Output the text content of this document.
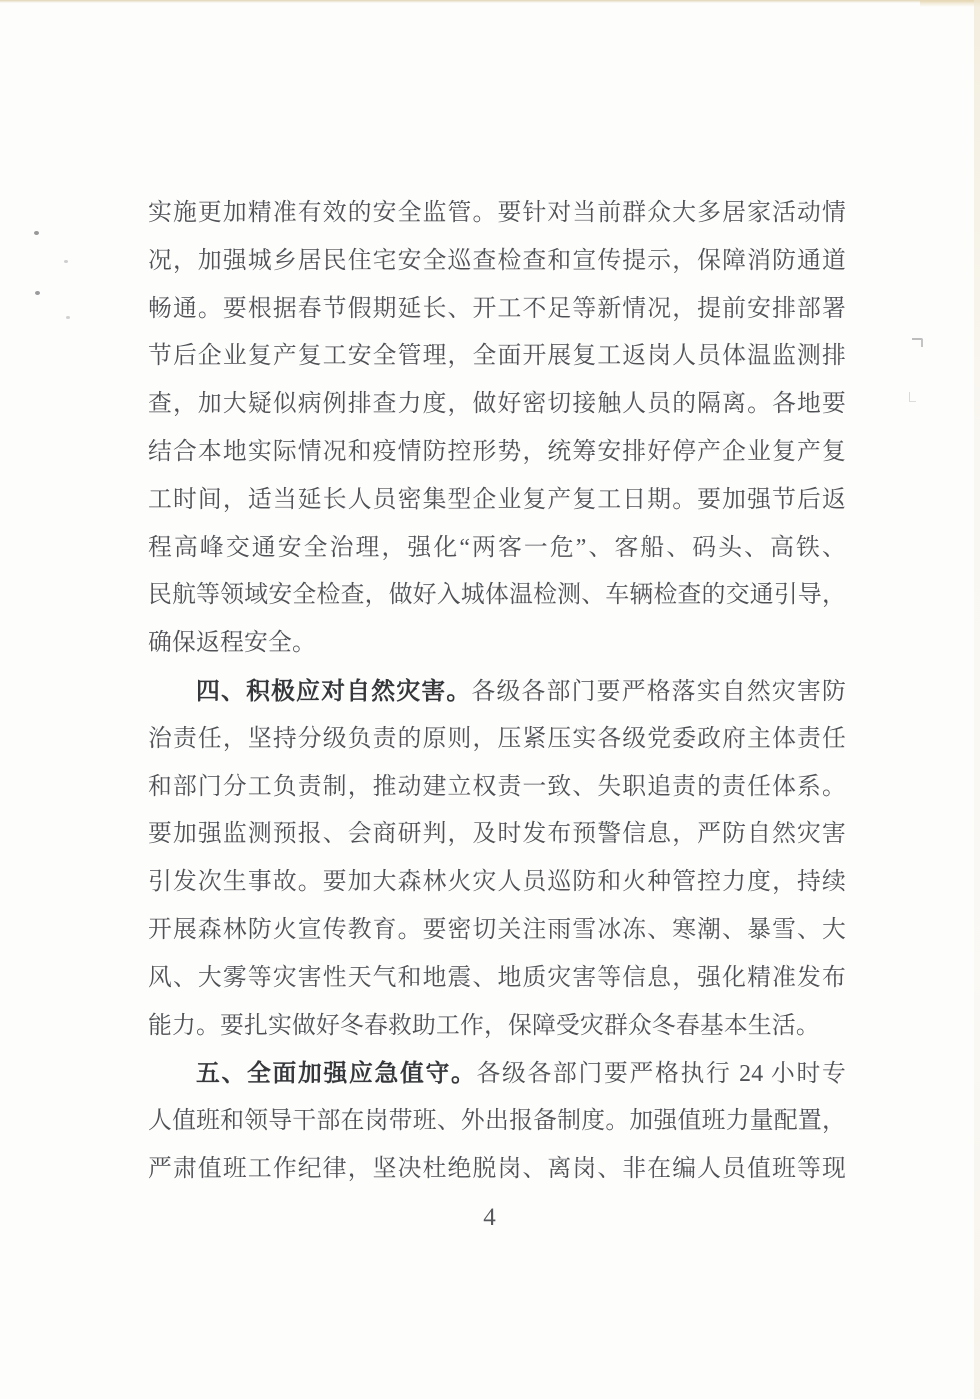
实施更加精准有效的安全监管。要针对当前群众大多居家活动情
况，加强城乡居民住宅安全巡查检查和宣传提示，保障消防通道
畅通。要根据春节假期延长、开工不足等新情况，提前安排部署
节后企业复产复工安全管理，全面开展复工返岗人员体温监测排
查，加大疑似病例排查力度，做好密切接触人员的隔离。各地要
结合本地实际情况和疫情防控形势，统筹安排好停产企业复产复
工时间，适当延长人员密集型企业复产复工日期。要加强节后返
程高峰交通安全治理，强化“两客一危”、客船、码头、高铁、
民航等领域安全检查，做好入城体温检测、车辆检查的交通引导，
确保返程安全。
四、积极应对自然灾害。各级各部门要严格落实自然灾害防
治责任，坚持分级负责的原则，压紧压实各级党委政府主体责任
和部门分工负责制，推动建立权责一致、失职追责的责任体系。
要加强监测预报、会商研判，及时发布预警信息，严防自然灾害
引发次生事故。要加大森林火灾人员巡防和火种管控力度，持续
开展森林防火宣传教育。要密切关注雨雪冰冻、寒潮、暴雪、大
风、大雾等灾害性天气和地震、地质灾害等信息，强化精准发布
能力。要扎实做好冬春救助工作，保障受灾群众冬春基本生活。
五、全面加强应急值守。各级各部门要严格执行 24 小时专
人值班和领导干部在岗带班、外出报备制度。加强值班力量配置，
严肃值班工作纪律，坚决杜绝脱岗、离岗、非在编人员值班等现
4
